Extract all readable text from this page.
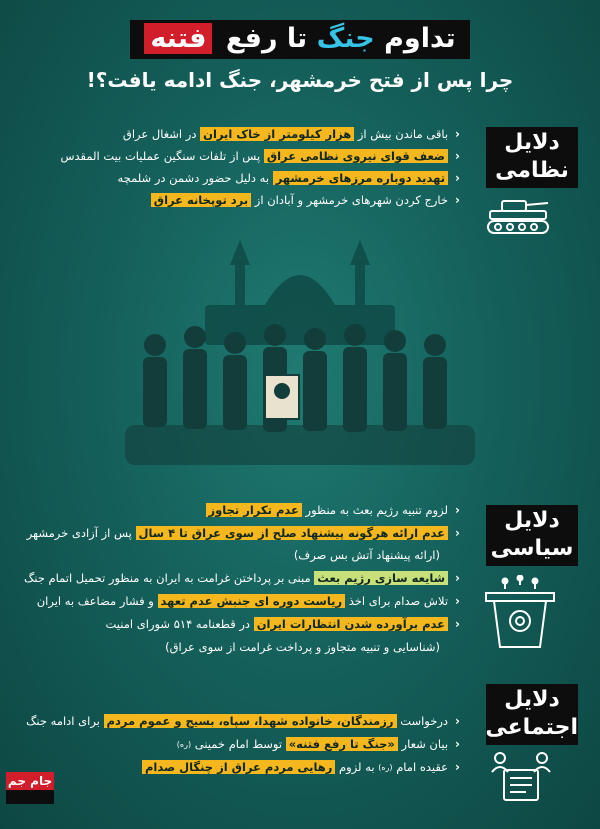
تداوم جنگ تا رفع فتنه
چرا پس از فتح خرمشهر، جنگ ادامه یافت؟!
دلایل
نظامی
‹
باقی ماندن بیش از

هزار کیلومتر از خاک ایران

در اشغال عراق
‹
ضعف قوای نیروی نظامی عراق

پس از تلفات سنگین عملیات بیت المقدس
‹
تهدید دوباره مرزهای خرمشهر

به دلیل حضور دشمن در شلمچه
‹
خارج کردن شهرهای خرمشهر و آبادان از

برد توپخانه عراق
دلایل
سیاسی
‹
لزوم تنبیه رژیم بعث به منظور

عدم تکرار تجاوز
‹
عدم ارائه هرگونه پیشنهاد صلح از سوی عراق تا ۴ سال

پس از آزادی خرمشهر
(ارائه پیشنهاد آتش بس صرف)
‹
شایعه سازی رژیم بعث

مبنی بر پرداختن غرامت به ایران به منظور تحمیل اتمام جنگ
‹
تلاش صدام برای اخذ

ریاست دوره ای جنبش عدم تعهد

و فشار مضاعف به ایران
‹
عدم برآورده شدن انتظارات ایران

در قطعنامه ۵۱۴ شورای امنیت
(شناسایی و تنبیه متجاوز و پرداخت غرامت از سوی عراق)
دلایل
اجتماعی
‹
درخواست

رزمندگان، خانواده شهدا، سپاه، بسیج و عموم مردم

برای ادامه جنگ
‹
بیان شعار

«جنگ تا رفع فتنه»

توسط امام خمینی

(ره)
‹
عقیده امام

(ره)

به لزوم

رهایی مردم عراق از چنگال صدام
جام جم
